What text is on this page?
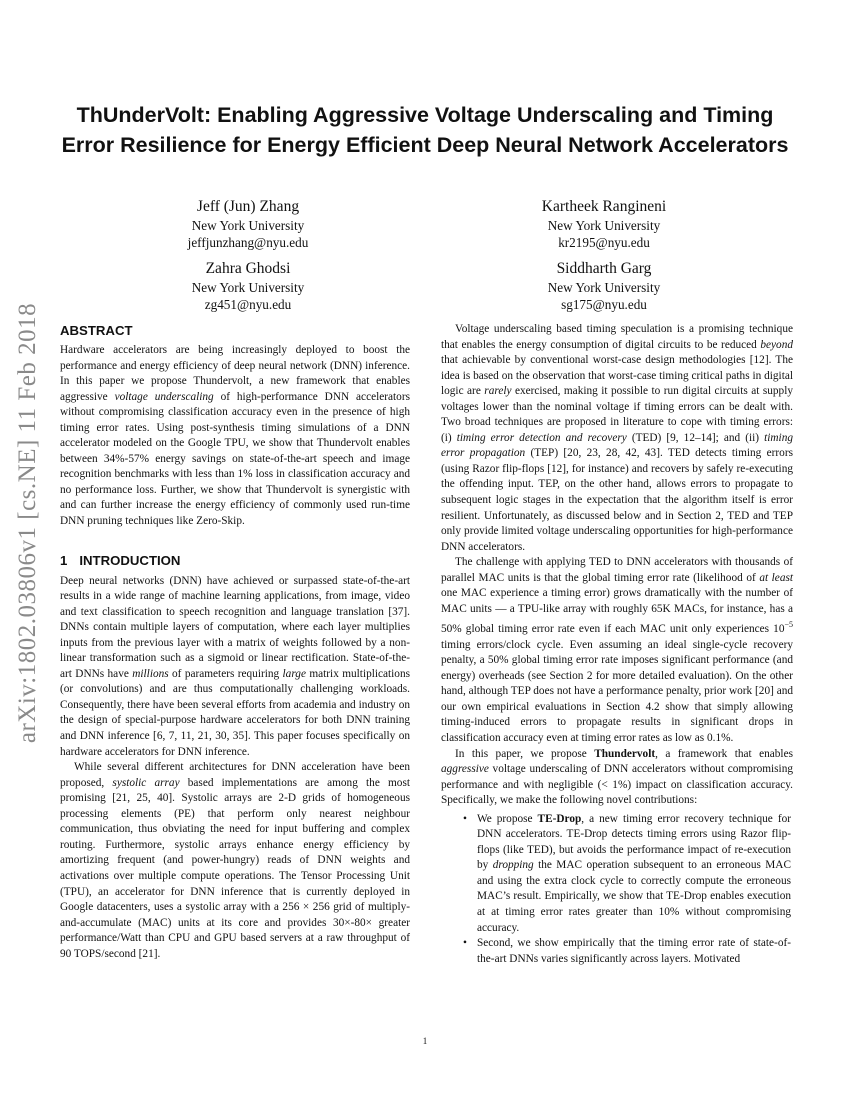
arXiv:1802.03806v1 [cs.NE] 11 Feb 2018
ThUnderVolt: Enabling Aggressive Voltage Underscaling and Timing Error Resilience for Energy Efficient Deep Neural Network Accelerators
Jeff (Jun) Zhang
New York University
jeffjunzhang@nyu.edu
Kartheek Rangineni
New York University
kr2195@nyu.edu
Zahra Ghodsi
New York University
zg451@nyu.edu
Siddharth Garg
New York University
sg175@nyu.edu
ABSTRACT

Hardware accelerators are being increasingly deployed to boost the performance and energy efficiency of deep neural network (DNN) inference. In this paper we propose Thundervolt, a new framework that enables aggressive voltage underscaling of high-performance DNN accelerators without compromising classification accuracy even in the presence of high timing error rates. Using post-synthesis timing simulations of a DNN accelerator modeled on the Google TPU, we show that Thundervolt enables between 34%-57% energy savings on state-of-the-art speech and image recognition benchmarks with less than 1% loss in classification accuracy and no performance loss. Further, we show that Thundervolt is synergistic with and can further increase the energy efficiency of commonly used run-time DNN pruning techniques like Zero-Skip.

1 INTRODUCTION

Deep neural networks (DNN) have achieved or surpassed state-of-the-art results in a wide range of machine learning applications, from image, video and text classification to speech recognition and language translation [37]. DNNs contain multiple layers of computation, where each layer multiplies inputs from the previous layer with a matrix of weights followed by a non-linear transformation such as a sigmoid or linear rectification. State-of-the-art DNNs have millions of parameters requiring large matrix multiplications (or convolutions) and are thus computationally challenging workloads. Consequently, there have been several efforts from academia and industry on the design of special-purpose hardware accelerators for both DNN training and DNN inference [6, 7, 11, 21, 30, 35]. This paper focuses specifically on hardware accelerators for DNN inference.

While several different architectures for DNN acceleration have been proposed, systolic array based implementations are among the most promising [21, 25, 40]. Systolic arrays are 2-D grids of homogeneous processing elements (PE) that perform only nearest neighbour communication, thus obviating the need for input buffering and complex routing. Furthermore, systolic arrays enhance energy efficiency by amortizing frequent (and power-hungry) reads of DNN weights and activations over multiple compute operations. The Tensor Processing Unit (TPU), an accelerator for DNN inference that is currently deployed in Google datacenters, uses a systolic array with a 256 × 256 grid of multiply-and-accumulate (MAC) units at its core and provides 30×-80× greater performance/Watt than CPU and GPU based servers at a raw throughput of 90 TOPS/second [21].

Voltage underscaling based timing speculation is a promising technique that enables the energy consumption of digital circuits to be reduced beyond that achievable by conventional worst-case design methodologies [12]. The idea is based on the observation that worst-case timing critical paths in digital logic are rarely exercised, making it possible to run digital circuits at supply voltages lower than the nominal voltage if timing errors can be dealt with. Two broad techniques are proposed in literature to cope with timing errors: (i) timing error detection and recovery (TED) [9, 12–14]; and (ii) timing error propagation (TEP) [20, 23, 28, 42, 43]. TED detects timing errors (using Razor flip-flops [12], for instance) and recovers by safely re-executing the offending input. TEP, on the other hand, allows errors to propagate to subsequent logic stages in the expectation that the algorithm itself is error resilient. Unfortunately, as discussed below and in Section 2, TED and TEP only provide limited voltage underscaling opportunities for high-performance DNN accelerators.

The challenge with applying TED to DNN accelerators with thousands of parallel MAC units is that the global timing error rate (likelihood of at least one MAC experience a timing error) grows dramatically with the number of MAC units — a TPU-like array with roughly 65K MACs, for instance, has a 50% global timing error rate even if each MAC unit only experiences $10^{-5}$ timing errors/clock cycle. Even assuming an ideal single-cycle recovery penalty, a 50% global timing error rate imposes significant performance (and energy) overheads (see Section 2 for more detailed evaluation). On the other hand, although TEP does not have a performance penalty, prior work [20] and our own empirical evaluations in Section 4.2 show that simply allowing timing-induced errors to propagate results in significant drops in classification accuracy even at timing error rates as low as 0.1%.

In this paper, we propose Thundervolt, a framework that enables aggressive voltage underscaling of DNN accelerators without compromising performance and with negligible (< 1%) impact on classification accuracy. Specifically, we make the following novel contributions:

• We propose TE-Drop, a new timing error recovery technique for DNN accelerators. TE-Drop detects timing errors using Razor flip-flops (like TED), but avoids the performance impact of re-execution by dropping the MAC operation subsequent to an erroneous MAC and using the extra clock cycle to correctly compute the erroneous MAC’s result. Empirically, we show that TE-Drop enables execution at at timing error rates greater than 10% without compromising accuracy.
• Second, we show empirically that the timing error rate of state-of-the-art DNNs varies significantly across layers. Motivated
1
